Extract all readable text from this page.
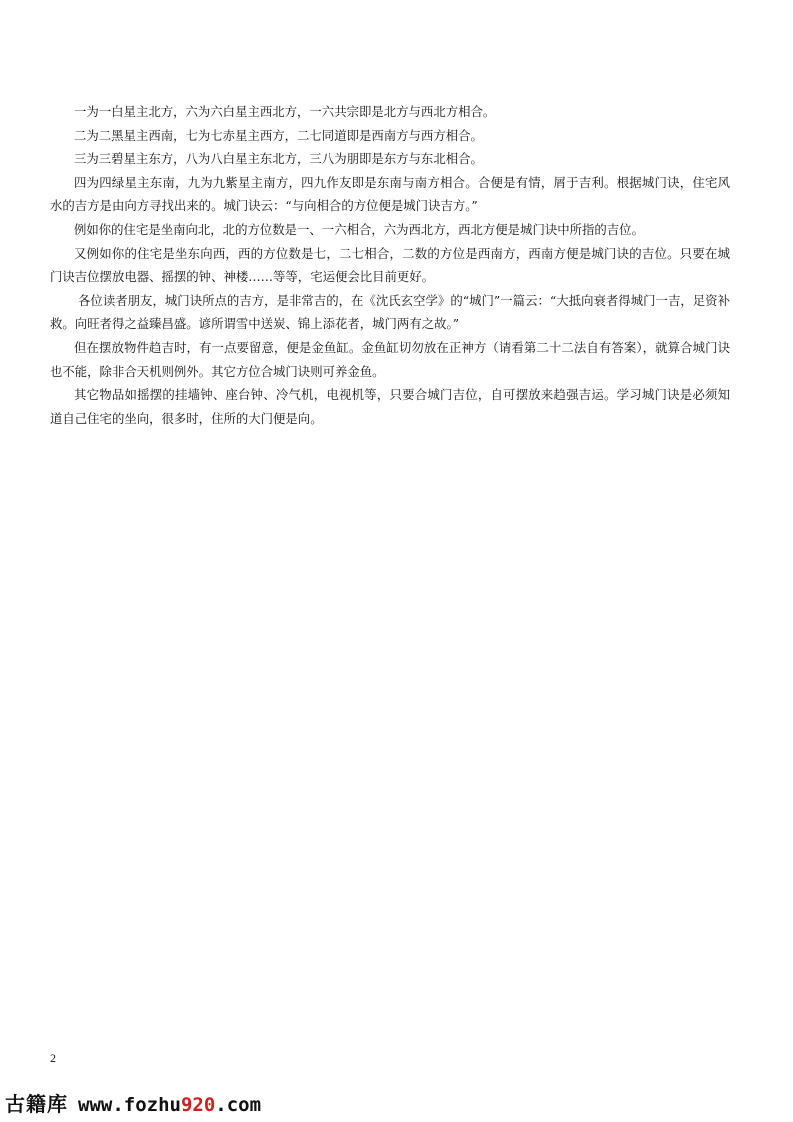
一为一白星主北方，六为六白星主西北方，一六共宗即是北方与西北方相合。

二为二黑星主西南，七为七赤星主西方，二七同道即是西南方与西方相合。

三为三碧星主东方，八为八白星主东北方，三八为朋即是东方与东北相合。

四为四绿星主东南，九为九紫星主南方，四九作友即是东南与南方相合。合便是有情，屑于吉利。根据城门诀，住宅风水的吉方是由向方寻找出来的。城门诀云：“与向相合的方位便是城门诀吉方。”

例如你的住宅是坐南向北，北的方位数是一、一六相合，六为西北方，西北方便是城门诀中所指的吉位。

又例如你的住宅是坐东向西，西的方位数是七，二七相合，二数的方位是西南方，西南方便是城门诀的吉位。只要在城门诀吉位摆放电器、摇摆的钟、神楼……等等，宅运便会比目前更好。

各位读者朋友，城门诀所点的吉方，是非常吉的，在《沈氏玄空学》的“城门”一篇云：“大抵向衰者得城门一吉，足资补救。向旺者得之益臻昌盛。谚所谓雪中送炭、锦上添花者，城门两有之故。”

但在摆放物件趋吉时，有一点要留意，便是金鱼缸。金鱼缸切勿放在正神方（请看第二十二法自有答案），就算合城门诀也不能，除非合天机则例外。其它方位合城门诀则可养金鱼。

其它物品如摇摆的挂墙钟、座台钟、冷气机，电视机等，只要合城门吉位，自可摆放来趋强吉运。学习城门诀是必须知道自己住宅的坐向，很多时，住所的大门便是向。

2
古籍库 www.fozhu920.com
